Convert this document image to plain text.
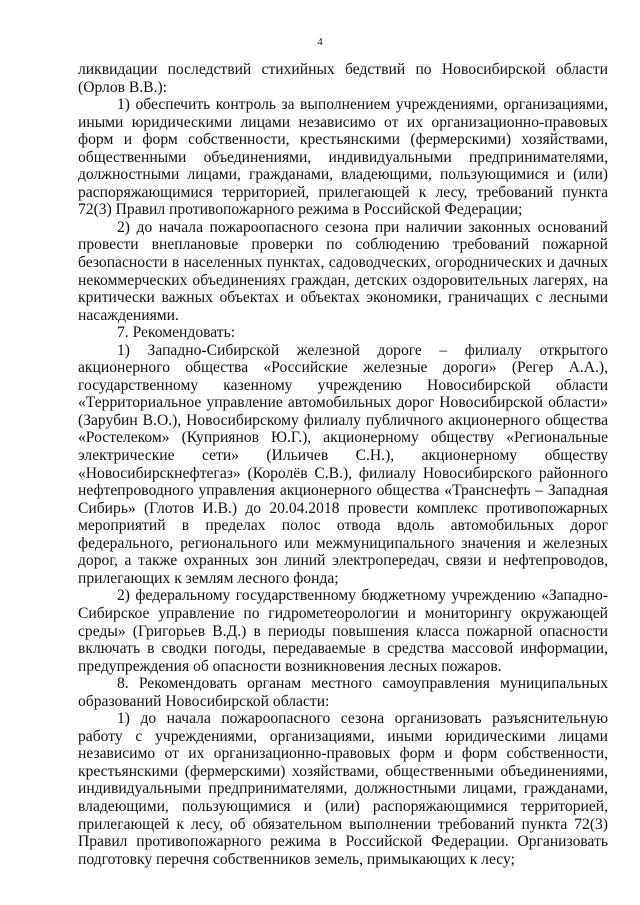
4

ликвидации последствий стихийных бедствий по Новосибирской области (Орлов В.В.):

1) обеспечить контроль за выполнением учреждениями, организациями, иными юридическими лицами независимо от их организационно-правовых форм и форм собственности, крестьянскими (фермерскими) хозяйствами, общественными объединениями, индивидуальными предпринимателями, должностными лицами, гражданами, владеющими, пользующимися и (или) распоряжающимися территорией, прилегающей к лесу, требований пункта 72(3) Правил противопожарного режима в Российской Федерации;

2) до начала пожароопасного сезона при наличии законных оснований провести внеплановые проверки по соблюдению требований пожарной безопасности в населенных пунктах, садоводческих, огороднических и дачных некоммерческих объединениях граждан, детских оздоровительных лагерях, на критически важных объектах и объектах экономики, граничащих с лесными насаждениями.

7. Рекомендовать:

1) Западно-Сибирской железной дороге – филиалу открытого акционерного общества «Российские железные дороги» (Регер А.А.), государственному казенному учреждению Новосибирской области «Территориальное управление автомобильных дорог Новосибирской области» (Зарубин В.О.), Новосибирскому филиалу публичного акционерного общества «Ростелеком» (Куприянов Ю.Г.), акционерному обществу «Региональные электрические сети» (Ильичев С.Н.), акционерному обществу «Новосибирскнефтегаз» (Королёв С.В.), филиалу Новосибирского районного нефтепроводного управления акционерного общества «Транснефть – Западная Сибирь» (Глотов И.В.) до 20.04.2018 провести комплекс противопожарных мероприятий в пределах полос отвода вдоль автомобильных дорог федерального, регионального или межмуниципального значения и железных дорог, а также охранных зон линий электропередач, связи и нефтепроводов, прилегающих к землям лесного фонда;

2) федеральному государственному бюджетному учреждению «Западно-Сибирское управление по гидрометеорологии и мониторингу окружающей среды» (Григорьев В.Д.) в периоды повышения класса пожарной опасности включать в сводки погоды, передаваемые в средства массовой информации, предупреждения об опасности возникновения лесных пожаров.

8. Рекомендовать органам местного самоуправления муниципальных образований Новосибирской области:

1) до начала пожароопасного сезона организовать разъяснительную работу с учреждениями, организациями, иными юридическими лицами независимо от их организационно-правовых форм и форм собственности, крестьянскими (фермерскими) хозяйствами, общественными объединениями, индивидуальными предпринимателями, должностными лицами, гражданами, владеющими, пользующимися и (или) распоряжающимися территорией, прилегающей к лесу, об обязательном выполнении требований пункта 72(3) Правил противопожарного режима в Российской Федерации. Организовать подготовку перечня собственников земель, примыкающих к лесу;
